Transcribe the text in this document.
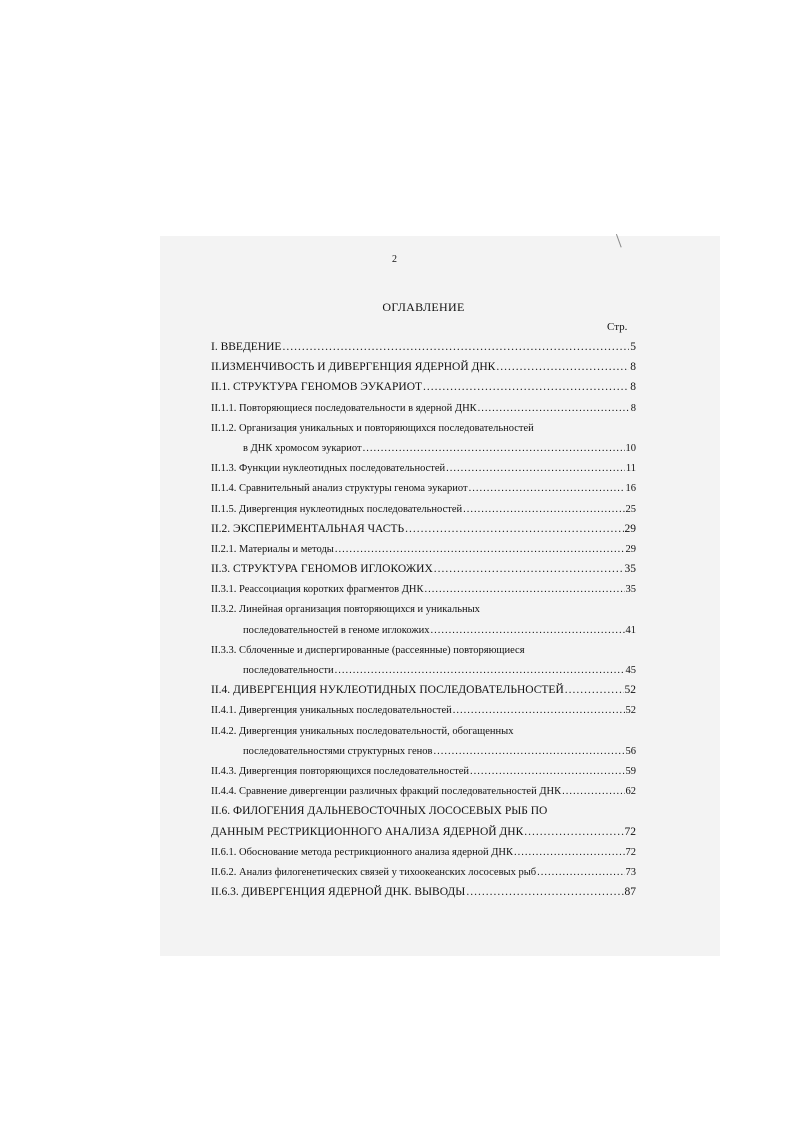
2
ОГЛАВЛЕНИЕ
Стр.
I. ВВЕДЕНИЕ .....	5
II.ИЗМЕНЧИВОСТЬ И ДИВЕРГЕНЦИЯ ЯДЕРНОЙ ДНК .....	8
II.1. СТРУКТУРА ГЕНОМОВ ЭУКАРИОТ .....	8
II.1.1. Повторяющиеся последовательности в ядерной ДНК .....	8
II.1.2. Организация уникальных и повторяющихся последовательностей
в ДНК хромосом эукариот .....	10
II.1.3. Функции нуклеотидных последовательностей .....	11
II.1.4. Сравнительный анализ структуры генома эукариот .....	16
II.1.5. Дивергенция нуклеотидных последовательностей .....	25
II.2. ЭКСПЕРИМЕНТАЛЬНАЯ ЧАСТЬ .....	29
II.2.1. Материалы и методы .....	29
II.3. СТРУКТУРА ГЕНОМОВ ИГЛОКОЖИХ .....	35
II.3.1. Реассоциация коротких фрагментов ДНК .....	35
II.3.2. Линейная организация повторяющихся и уникальных
последовательностей в геноме иглокожих .....	41
II.3.3. Сблоченные и диспергированные (рассеянные) повторяющиеся
последовательности .....	45
II.4. ДИВЕРГЕНЦИЯ НУКЛЕОТИДНЫХ ПОСЛЕДОВАТЕЛЬНОСТЕЙ .....	52
II.4.1. Дивергенция уникальных последовательностей .....	52
II.4.2. Дивергенция уникальных последовательностй, обогащенных
последовательностями структурных генов .....	56
II.4.3. Дивергенция повторяющихся последовательностей .....	59
II.4.4. Сравнение дивергенции различных фракций последовательностей ДНК .....	62
II.6. ФИЛОГЕНИЯ ДАЛЬНЕВОСТОЧНЫХ ЛОСОСЕВЫХ РЫБ ПО
ДАННЫМ РЕСТРИКЦИОННОГО АНАЛИЗА ЯДЕРНОЙ ДНК .....	72
II.6.1. Обоснование метода рестрикционного анализа ядерной ДНК .....	72
II.6.2. Анализ филогенетических связей у тихоокеанских лососевых рыб .....	73
II.6.3. ДИВЕРГЕНЦИЯ ЯДЕРНОЙ ДНК. ВЫВОДЫ .....	87
